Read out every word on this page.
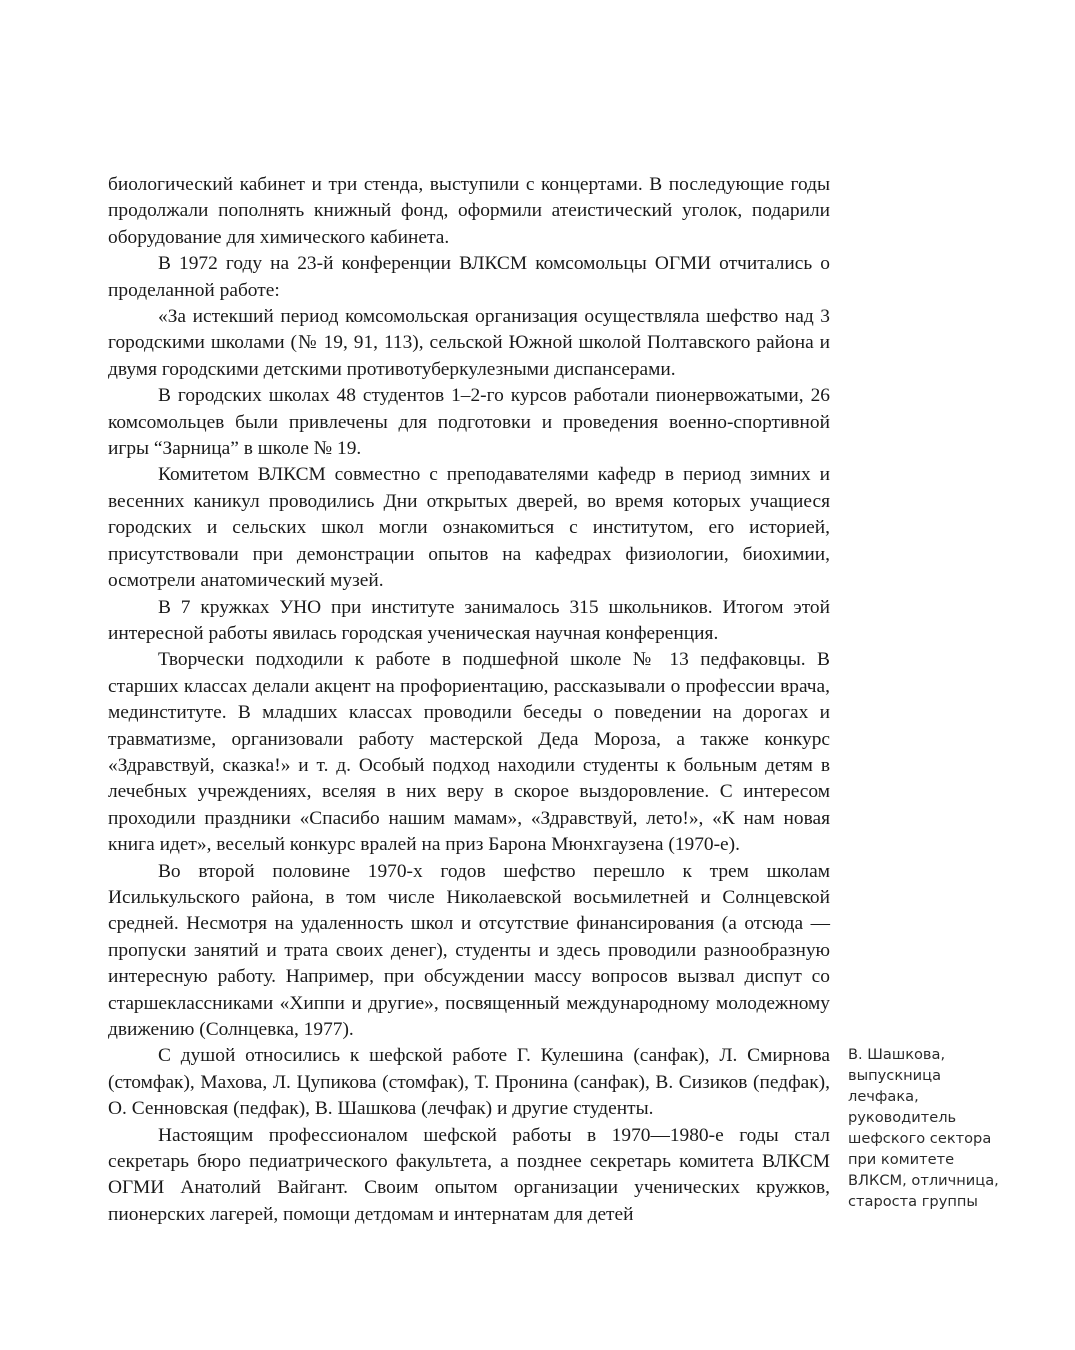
биологический кабинет и три стенда, выступили с концертами. В последующие годы продолжали пополнять книжный фонд, оформили атеистический уголок, подарили оборудование для химического кабинета.

В 1972 году на 23-й конференции ВЛКСМ комсомольцы ОГМИ отчитались о проделанной работе:

«За истекший период комсомольская организация осуществляла шефство над 3 городскими школами (№ 19, 91, 113), сельской Южной школой Полтавского района и двумя городскими детскими противотуберкулезными диспансерами.

В городских школах 48 студентов 1–2-го курсов работали пионервожатыми, 26 комсомольцев были привлечены для подготовки и проведения военно-спортивной игры “Зарница” в школе № 19.

Комитетом ВЛКСМ совместно с преподавателями кафедр в период зимних и весенних каникул проводились Дни открытых дверей, во время которых учащиеся городских и сельских школ могли ознакомиться с институтом, его историей, присутствовали при демонстрации опытов на кафедрах физиологии, биохимии, осмотрели анатомический музей.

В 7 кружках УНО при институте занималось 315 школьников. Итогом этой интересной работы явилась городская ученическая научная конференция.

Творчески подходили к работе в подшефной школе № 13 педфаковцы. В старших классах делали акцент на профориентацию, рассказывали о профессии врача, мединституте. В младших классах проводили беседы о поведении на дорогах и травматизме, организовали работу мастерской Деда Мороза, а также конкурс «Здравствуй, сказка!» и т. д. Особый подход находили студенты к больным детям в лечебных учреждениях, вселяя в них веру в скорое выздоровление. С интересом проходили праздники «Спасибо нашим мамам», «Здравствуй, лето!», «К нам новая книга идет», веселый конкурс вралей на приз Барона Мюнхгаузена (1970-е).

Во второй половине 1970-х годов шефство перешло к трем школам Исилькульского района, в том числе Николаевской восьмилетней и Солнцевской средней. Несмотря на удаленность школ и отсутствие финансирования (а отсюда — пропуски занятий и трата своих денег), студенты и здесь проводили разнообразную интересную работу. Например, при обсуждении массу вопросов вызвал диспут со старшеклассниками «Хиппи и другие», посвященный международному молодежному движению (Солнцевка, 1977).

С душой относились к шефской работе Г. Кулешина (санфак), Л. Смирнова (стомфак), Махова, Л. Цупикова (стомфак), Т. Пронина (санфак), В. Сизиков (педфак), О. Сенновская (педфак), В. Шашкова (лечфак) и другие студенты.

Настоящим профессионалом шефской работы в 1970—1980-е годы стал секретарь бюро педиатрического факультета, а позднее секретарь комитета ВЛКСМ ОГМИ Анатолий Вайгант. Своим опытом организации ученических кружков, пионерских лагерей, помощи детдомам и интернатам для детей

В. Шашкова,
выпускница
лечфака,
руководитель
шефского сектора
при комитете
ВЛКСМ, отличница,
староста группы
